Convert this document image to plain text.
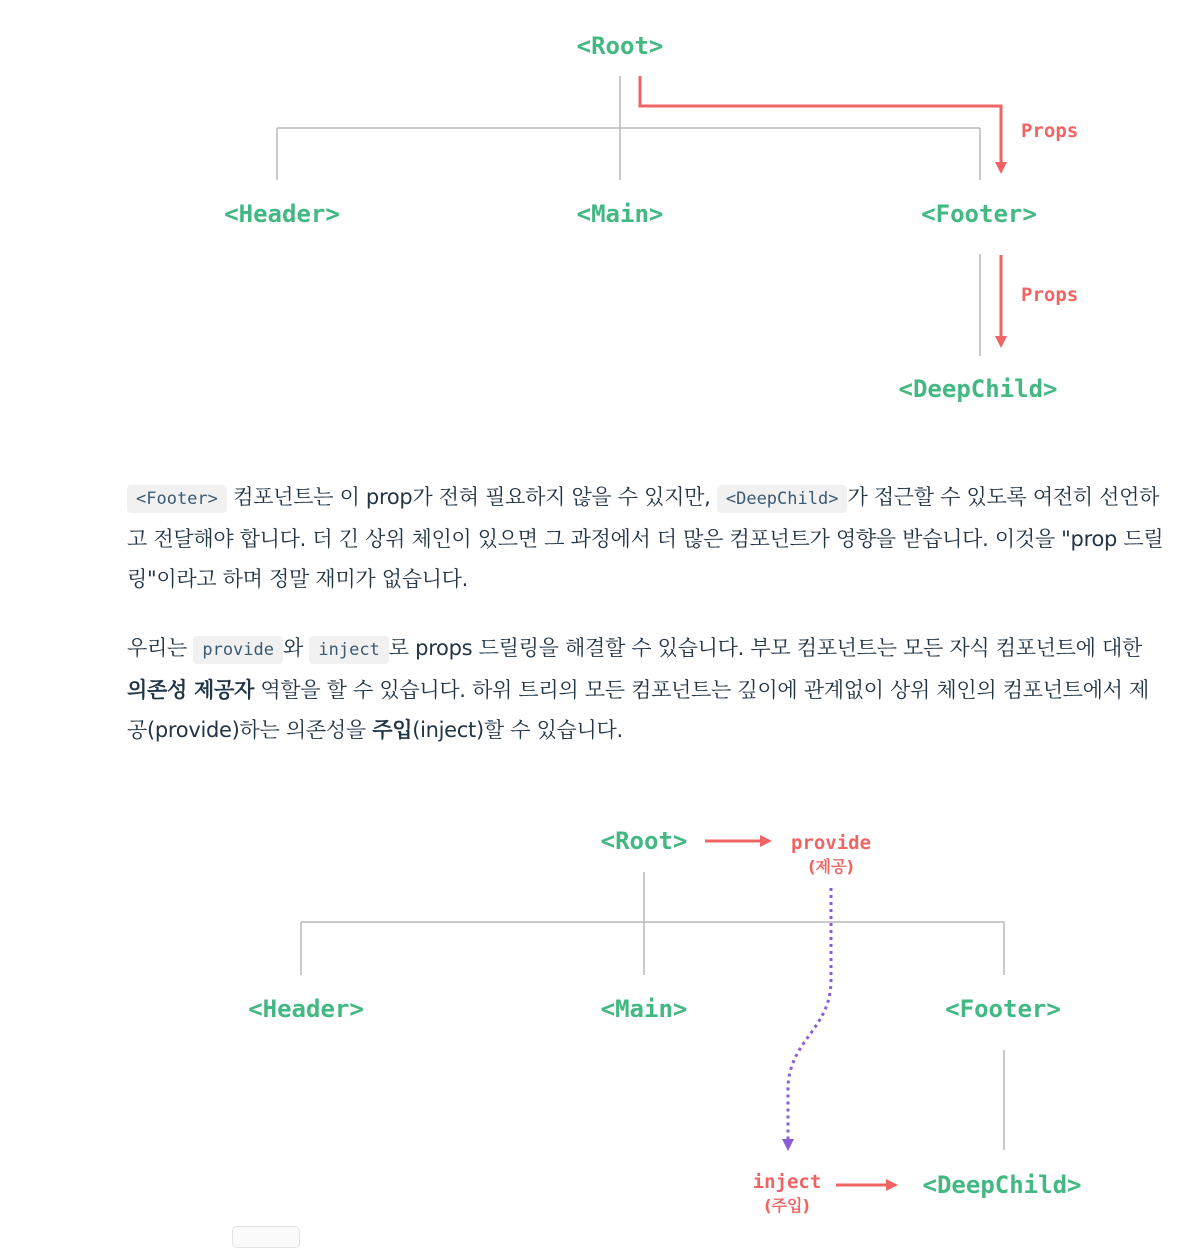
<Root>
<Header>	<Main>	<Footer>
<DeepChild>
Props
Props

<Footer> 컴포넌트는 이 prop가 전혀 필요하지 않을 수 있지만, <DeepChild> 가 접근할 수 있도록 여전히 선언하고 전달해야 합니다. 더 긴 상위 체인이 있으면 그 과정에서 더 많은 컴포넌트가 영향을 받습니다. 이것을 "prop 드릴링"이라고 하며 정말 재미가 없습니다.

우리는 provide 와 inject 로 props 드릴링을 해결할 수 있습니다. 부모 컴포넌트는 모든 자식 컴포넌트에 대한 의존성 제공자 역할을 할 수 있습니다. 하위 트리의 모든 컴포넌트는 깊이에 관계없이 상위 체인의 컴포넌트에서 제공(provide)하는 의존성을 주입(inject)할 수 있습니다.

<Root>
<Header>	<Main>	<Footer>
<DeepChild>
provide
(제공)
inject
(주입)
